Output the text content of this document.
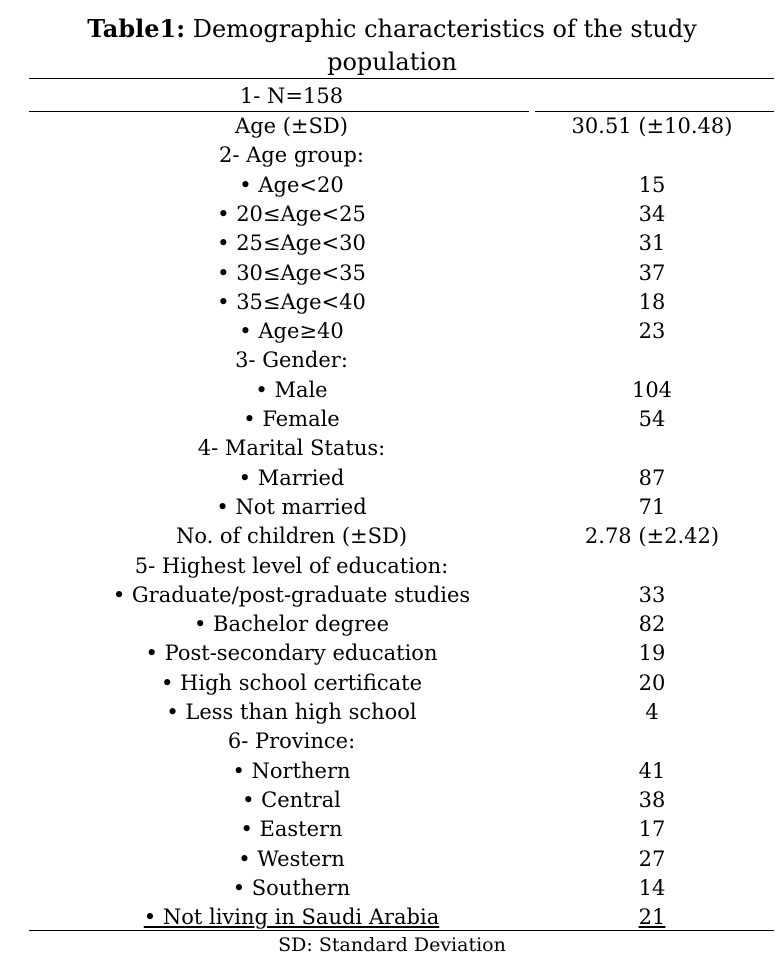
Table1: Demographic characteristics of the study
population
1- N=158
Age (±SD)	30.51 (±10.48)
2- Age group:
• Age<20	15
• 20≤Age<25	34
• 25≤Age<30	31
• 30≤Age<35	37
• 35≤Age<40	18
• Age≥40	23
3- Gender:
• Male	104
• Female	54
4- Marital Status:
• Married	87
• Not married	71
No. of children (±SD)	2.78 (±2.42)
5- Highest level of education:
• Graduate/post-graduate studies	33
• Bachelor degree	82
• Post-secondary education	19
• High school certificate	20
• Less than high school	4
6- Province:
• Northern	41
• Central	38
• Eastern	17
• Western	27
• Southern	14
• Not living in Saudi Arabia	21
SD: Standard Deviation
